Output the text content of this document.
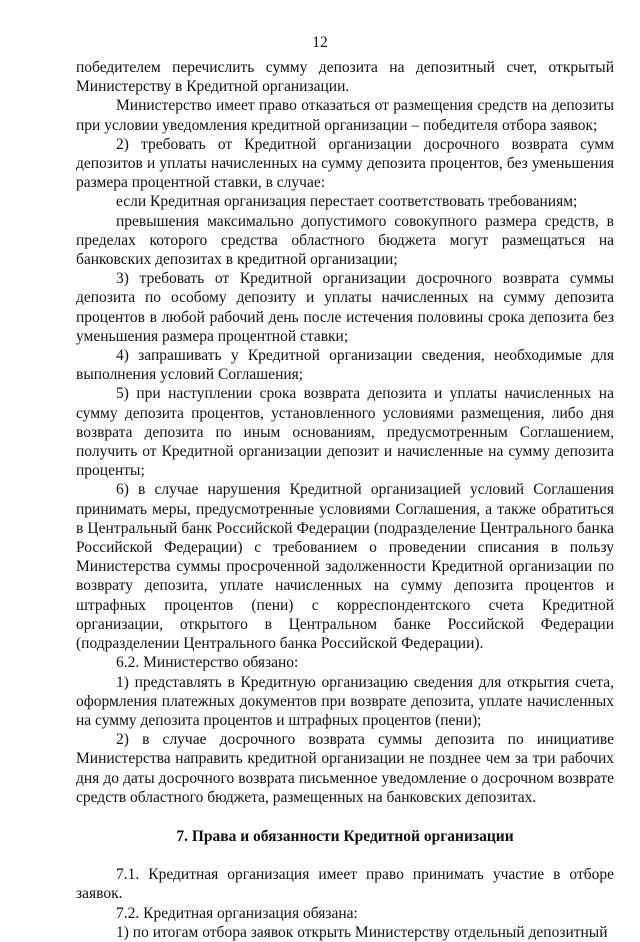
12

победителем перечислить сумму депозита на депозитный счет, открытый Министерству в Кредитной организации.

Министерство имеет право отказаться от размещения средств на депозиты при условии уведомления кредитной организации – победителя отбора заявок;

2) требовать от Кредитной организации досрочного возврата сумм депозитов и уплаты начисленных на сумму депозита процентов, без уменьшения размера процентной ставки, в случае:

если Кредитная организация перестает соответствовать требованиям;

превышения максимально допустимого совокупного размера средств, в пределах которого средства областного бюджета могут размещаться на банковских депозитах в кредитной организации;

3) требовать от Кредитной организации досрочного возврата суммы депозита по особому депозиту и уплаты начисленных на сумму депозита процентов в любой рабочий день после истечения половины срока депозита без уменьшения размера процентной ставки;

4) запрашивать у Кредитной организации сведения, необходимые для выполнения условий Соглашения;

5) при наступлении срока возврата депозита и уплаты начисленных на сумму депозита процентов, установленного условиями размещения, либо дня возврата депозита по иным основаниям, предусмотренным Соглашением, получить от Кредитной организации депозит и начисленные на сумму депозита проценты;

6) в случае нарушения Кредитной организацией условий Соглашения принимать меры, предусмотренные условиями Соглашения, а также обратиться в Центральный банк Российской Федерации (подразделение Центрального банка Российской Федерации) с требованием о проведении списания в пользу Министерства суммы просроченной задолженности Кредитной организации по возврату депозита, уплате начисленных на сумму депозита процентов и штрафных процентов (пени) с корреспондентского счета Кредитной организации, открытого в Центральном банке Российской Федерации (подразделении Центрального банка Российской Федерации).

6.2. Министерство обязано:

1) представлять в Кредитную организацию сведения для открытия счета, оформления платежных документов при возврате депозита, уплате начисленных на сумму депозита процентов и штрафных процентов (пени);

2) в случае досрочного возврата суммы депозита по инициативе Министерства направить кредитной организации не позднее чем за три рабочих дня до даты досрочного возврата письменное уведомление о досрочном возврате средств областного бюджета, размещенных на банковских депозитах.

7. Права и обязанности Кредитной организации

7.1. Кредитная организация имеет право принимать участие в отборе заявок.

7.2. Кредитная организация обязана:

1) по итогам отбора заявок открыть Министерству отдельный депозитный
